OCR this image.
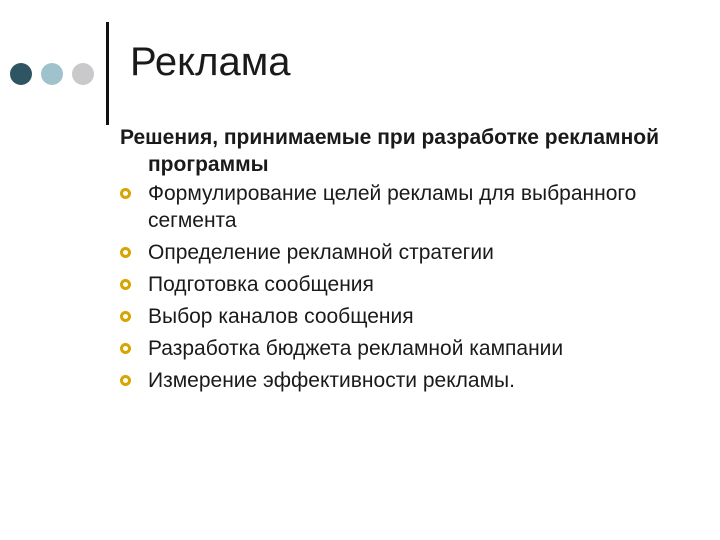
Реклама

Решения, принимаемые при разработке рекламной программы

Формулирование целей рекламы для выбранного сегмента
Определение рекламной стратегии
Подготовка сообщения
Выбор каналов сообщения
Разработка бюджета рекламной кампании
Измерение эффективности рекламы.
